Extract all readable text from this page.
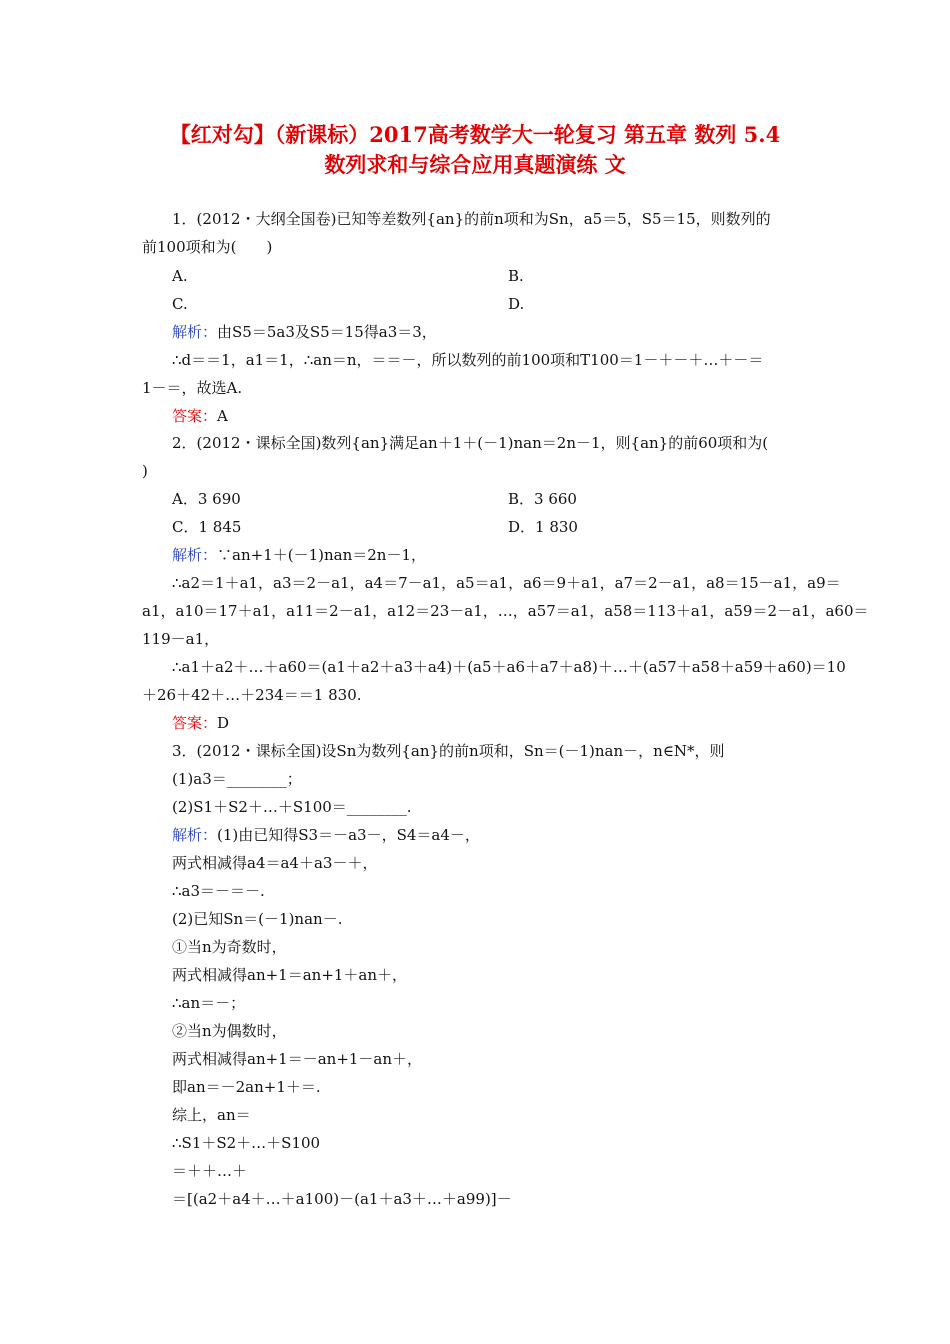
【红对勾】（新课标）2017高考数学大一轮复习 第五章 数列 5.4
数列求和与综合应用真题演练 文
1．(2012・大纲全国卷)已知等差数列{an}的前n项和为Sn，a5＝5，S5＝15，则数列的
前100项和为(　　)
A.	B.
C.	D.
解析：由S5＝5a3及S5＝15得a3＝3，
∴d＝＝1，a1＝1，∴an＝n，＝＝－，所以数列的前100项和T100＝1－＋－＋…＋－＝
1－＝，故选A.
答案：A
2．(2012・课标全国)数列{an}满足an＋1＋(－1)nan＝2n－1，则{an}的前60项和为(
)
A．3 690	B．3 660
C．1 845	D．1 830
解析：∵an+1＋(－1)nan＝2n－1，
∴a2＝1＋a1，a3＝2－a1，a4＝7－a1，a5＝a1，a6＝9＋a1，a7＝2－a1，a8＝15－a1，a9＝
a1，a10＝17＋a1，a11＝2－a1，a12＝23－a1，…，a57＝a1，a58＝113＋a1，a59＝2－a1，a60＝
119－a1，
∴a1＋a2＋…＋a60＝(a1＋a2＋a3＋a4)＋(a5＋a6＋a7＋a8)＋…＋(a57＋a58＋a59＋a60)＝10
＋26＋42＋…＋234＝＝1 830.
答案：D
3．(2012・课标全国)设Sn为数列{an}的前n项和，Sn＝(－1)nan－，n∈N*，则
(1)a3＝________；
(2)S1＋S2＋…＋S100＝________.
解析：(1)由已知得S3＝－a3－，S4＝a4－，
两式相减得a4＝a4＋a3－＋，
∴a3＝－＝－.
(2)已知Sn＝(－1)nan－.
①当n为奇数时，
两式相减得an+1＝an+1＋an＋，
∴an＝－；
②当n为偶数时，
两式相减得an+1＝－an+1－an＋，
即an＝－2an+1＋＝.
综上，an＝
∴S1＋S2＋…＋S100
＝＋＋…＋
＝[(a2＋a4＋…＋a100)－(a1＋a3＋…＋a99)]－
